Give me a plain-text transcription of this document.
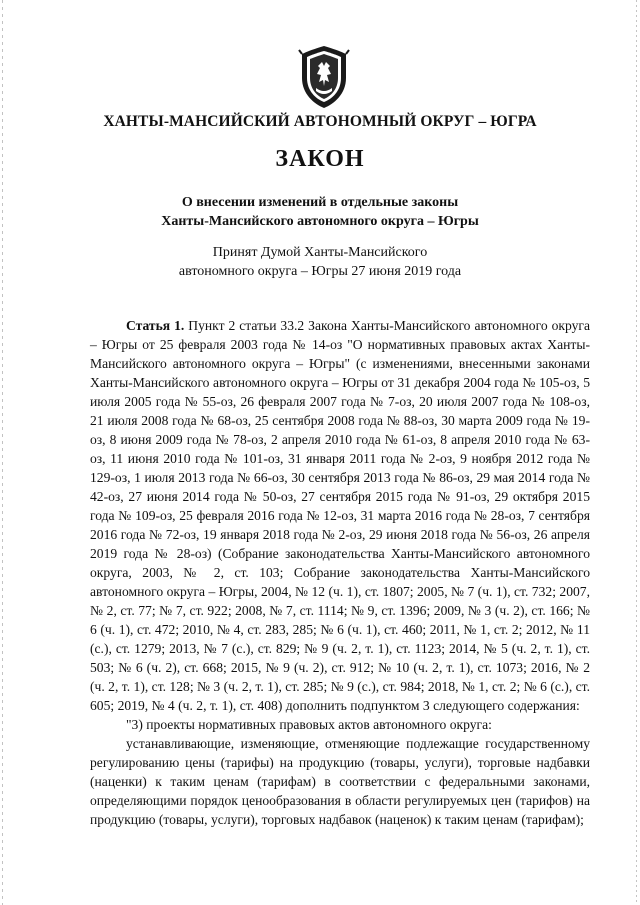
ХАНТЫ-МАНСИЙСКИЙ АВТОНОМНЫЙ ОКРУГ – ЮГРА
ЗАКОН
О внесении изменений в отдельные законы
Ханты-Мансийского автономного округа – Югры
Принят Думой Ханты-Мансийского
автономного округа – Югры 27 июня 2019 года

Статья 1. Пункт 2 статьи 33.2 Закона Ханты-Мансийского автономного округа – Югры от 25 февраля 2003 года № 14-оз "О нормативных правовых актах Ханты-Мансийского автономного округа – Югры" (с изменениями, внесенными законами Ханты-Мансийского автономного округа – Югры от 31 декабря 2004 года № 105-оз, 5 июля 2005 года № 55-оз, 26 февраля 2007 года № 7-оз, 20 июля 2007 года № 108-оз, 21 июля 2008 года № 68-оз, 25 сентября 2008 года № 88-оз, 30 марта 2009 года № 19-оз, 8 июня 2009 года № 78-оз, 2 апреля 2010 года № 61-оз, 8 апреля 2010 года № 63-оз, 11 июня 2010 года № 101-оз, 31 января 2011 года № 2-оз, 9 ноября 2012 года № 129-оз, 1 июля 2013 года № 66-оз, 30 сентября 2013 года № 86-оз, 29 мая 2014 года № 42-оз, 27 июня 2014 года № 50-оз, 27 сентября 2015 года № 91-оз, 29 октября 2015 года № 109-оз, 25 февраля 2016 года № 12-оз, 31 марта 2016 года № 28-оз, 7 сентября 2016 года № 72-оз, 19 января 2018 года № 2-оз, 29 июня 2018 года № 56-оз, 26 апреля 2019 года № 28-оз) (Собрание законодательства Ханты-Мансийского автономного округа, 2003, № 2, ст. 103; Собрание законодательства Ханты-Мансийского автономного округа – Югры, 2004, № 12 (ч. 1), ст. 1807; 2005, № 7 (ч. 1), ст. 732; 2007, № 2, ст. 77; № 7, ст. 922; 2008, № 7, ст. 1114; № 9, ст. 1396; 2009, № 3 (ч. 2), ст. 166; № 6 (ч. 1), ст. 472; 2010, № 4, ст. 283, 285; № 6 (ч. 1), ст. 460; 2011, № 1, ст. 2; 2012, № 11 (с.), ст. 1279; 2013, № 7 (с.), ст. 829; № 9 (ч. 2, т. 1), ст. 1123; 2014, № 5 (ч. 2, т. 1), ст. 503; № 6 (ч. 2), ст. 668; 2015, № 9 (ч. 2), ст. 912; № 10 (ч. 2, т. 1), ст. 1073; 2016, № 2 (ч. 2, т. 1), ст. 128; № 3 (ч. 2, т. 1), ст. 285; № 9 (с.), ст. 984; 2018, № 1, ст. 2; № 6 (с.), ст. 605; 2019, № 4 (ч. 2, т. 1), ст. 408) дополнить подпунктом 3 следующего содержания:

"3) проекты нормативных правовых актов автономного округа:

устанавливающие, изменяющие, отменяющие подлежащие государственному регулированию цены (тарифы) на продукцию (товары, услуги), торговые надбавки (наценки) к таким ценам (тарифам) в соответствии с федеральными законами, определяющими порядок ценообразования в области регулируемых цен (тарифов) на продукцию (товары, услуги), торговых надбавок (наценок) к таким ценам (тарифам);
